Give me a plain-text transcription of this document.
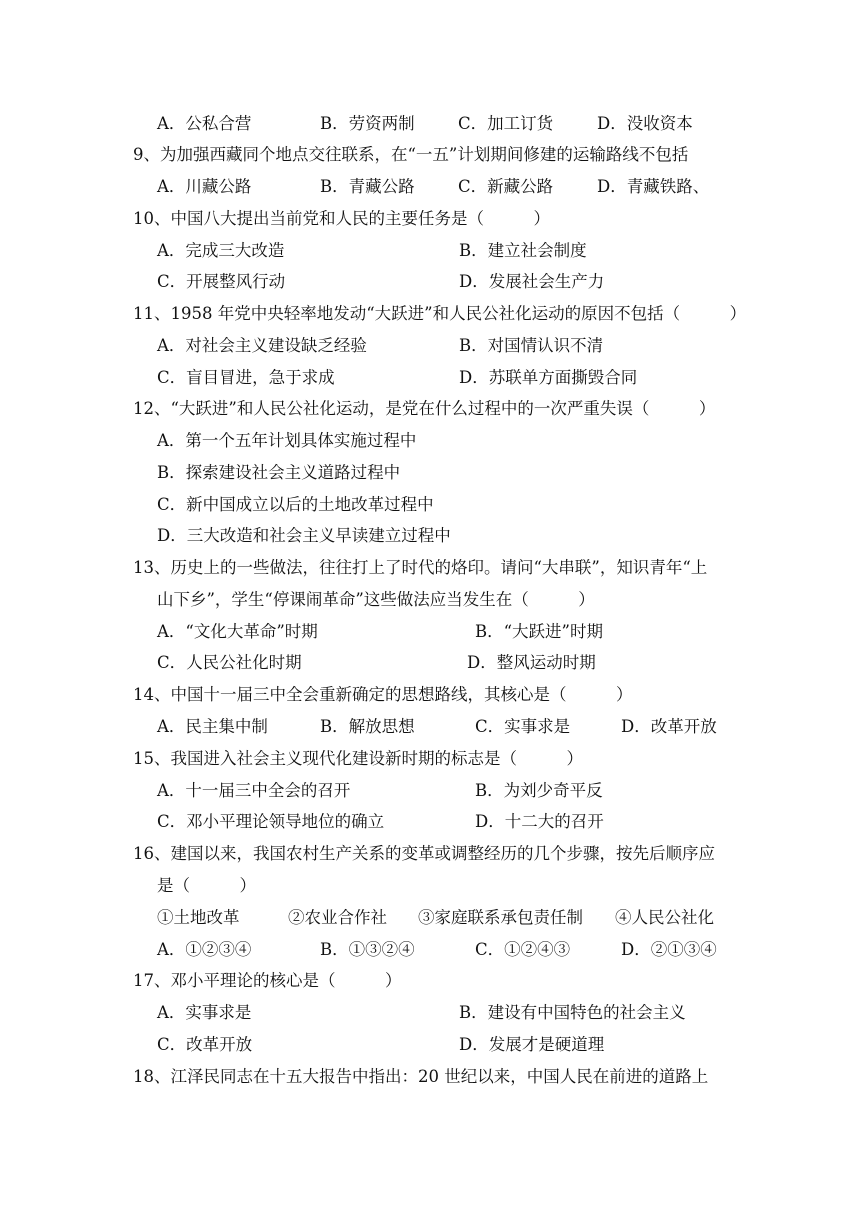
A．公私合营	B．劳资两制	C．加工订货	D．没收资本
9、为加强西藏同个地点交往联系，在“一五”计划期间修建的运输路线不包括
A．川藏公路	B．青藏公路	C．新藏公路	D．青藏铁路、
10、中国八大提出当前党和人民的主要任务是（　　　）
A．完成三大改造	B．建立社会制度
C．开展整风行动	D．发展社会生产力
11、1958 年党中央轻率地发动“大跃进”和人民公社化运动的原因不包括（　　　）
A．对社会主义建设缺乏经验	B．对国情认识不清
C．盲目冒进，急于求成	D．苏联单方面撕毁合同
12、“大跃进”和人民公社化运动，是党在什么过程中的一次严重失误（　　　）
A．第一个五年计划具体实施过程中
B．探索建设社会主义道路过程中
C．新中国成立以后的土地改革过程中
D．三大改造和社会主义早读建立过程中
13、历史上的一些做法，往往打上了时代的烙印。请问“大串联”，知识青年“上
山下乡”，学生“停课闹革命”这些做法应当发生在（　　　）
A．“文化大革命”时期	B．“大跃进”时期
C．人民公社化时期	D．整风运动时期
14、中国十一届三中全会重新确定的思想路线，其核心是（　　　）
A．民主集中制	B．解放思想	C．实事求是	D．改革开放
15、我国进入社会主义现代化建设新时期的标志是（　　　）
A．十一届三中全会的召开	B．为刘少奇平反
C．邓小平理论领导地位的确立	D．十二大的召开
16、建国以来，我国农村生产关系的变革或调整经历的几个步骤，按先后顺序应
是（　　　）
①土地改革	②农业合作社 ③家庭联系承包责任制 ④人民公社化
A．①②③④	B．①③②④	C．①②④③	D．②①③④
17、邓小平理论的核心是（　　　）
A．实事求是	B．建设有中国特色的社会主义
C．改革开放	D．发展才是硬道理
18、江泽民同志在十五大报告中指出：20 世纪以来，中国人民在前进的道路上
